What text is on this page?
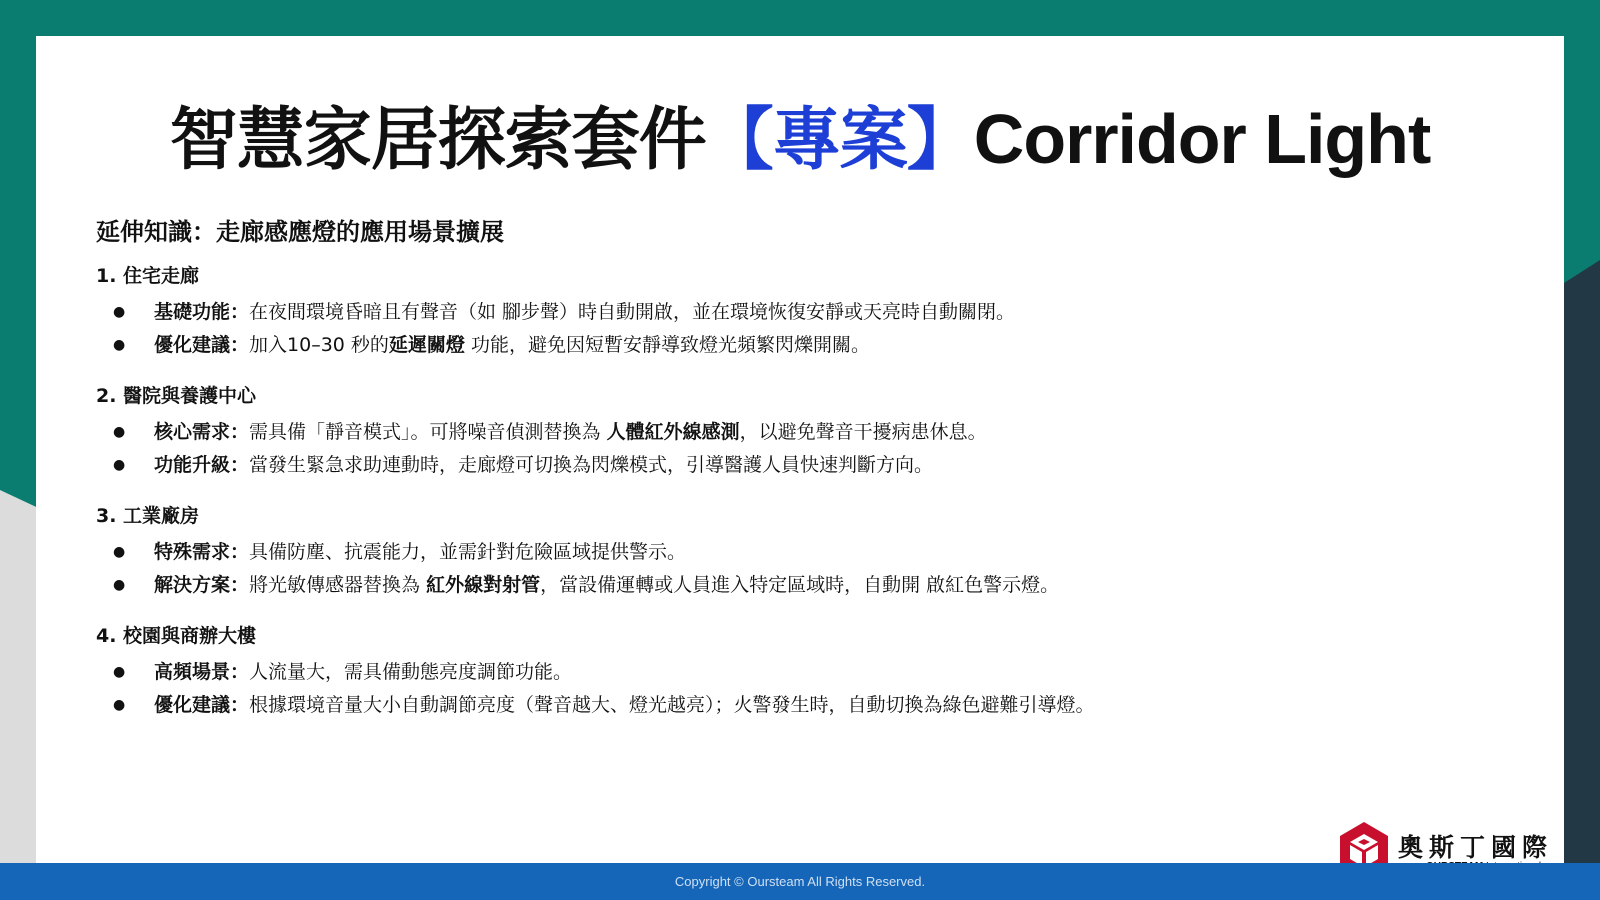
智慧家居探索套件【專案】Corridor Light
延伸知識：走廊感應燈的應用場景擴展
1. 住宅走廊
● 基礎功能：在夜間環境昏暗且有聲音（如 腳步聲）時自動開啟，並在環境恢復安靜或天亮時自動關閉。
● 優化建議：加入10–30 秒的延遲關燈 功能，避免因短暫安靜導致燈光頻繁閃爍開關。
2. 醫院與養護中心
● 核心需求：需具備「靜音模式」。可將噪音偵測替換為 人體紅外線感測，以避免聲音干擾病患休息。
● 功能升級：當發生緊急求助連動時，走廊燈可切換為閃爍模式，引導醫護人員快速判斷方向。
3. 工業廠房
● 特殊需求：具備防塵、抗震能力，並需針對危險區域提供警示。
● 解決方案：將光敏傳感器替換為 紅外線對射管，當設備運轉或人員進入特定區域時，自動開 啟紅色警示燈。
4. 校園與商辦大樓
● 高頻場景：人流量大，需具備動態亮度調節功能。
● 優化建議：根據環境音量大小自動調節亮度（聲音越大、燈光越亮）；火警發生時，自動切換為綠色避難引導燈。
奧斯丁國際
Copyright © Oursteam All Rights Reserved.
